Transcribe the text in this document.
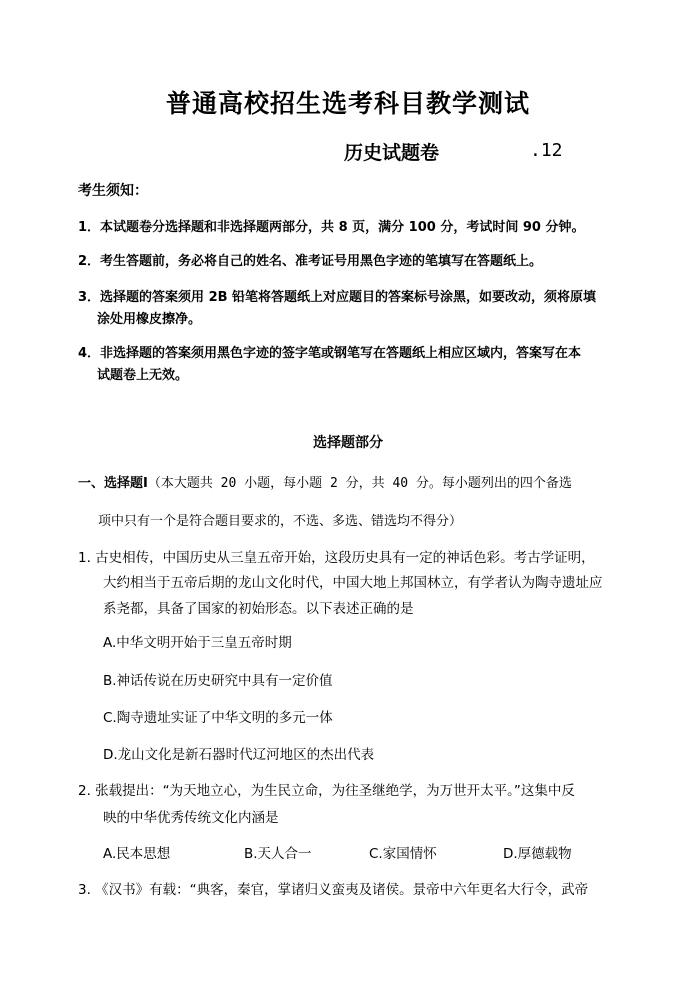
普通高校招生选考科目教学测试
历史试题卷	.12
考生须知：
1．本试题卷分选择题和非选择题两部分，共 8 页，满分 100 分，考试时间 90 分钟。
2．考生答题前，务必将自己的姓名、准考证号用黑色字迹的笔填写在答题纸上。
3．选择题的答案须用 2B 铅笔将答题纸上对应题目的答案标号涂黑，如要改动，须将原填
涂处用橡皮擦净。
4．非选择题的答案须用黑色字迹的签字笔或钢笔写在答题纸上相应区域内，答案写在本
试题卷上无效。
选择题部分
一、选择题Ⅰ（本大题共 20 小题，每小题 2 分，共 40 分。每小题列出的四个备选
项中只有一个是符合题目要求的，不选、多选、错选均不得分）
1. 古史相传，中国历史从三皇五帝开始，这段历史具有一定的神话色彩。考古学证明，
大约相当于五帝后期的龙山文化时代，中国大地上邦国林立，有学者认为陶寺遗址应
系尧都，具备了国家的初始形态。以下表述正确的是
A.中华文明开始于三皇五帝时期
B.神话传说在历史研究中具有一定价值
C.陶寺遗址实证了中华文明的多元一体
D.龙山文化是新石器时代辽河地区的杰出代表
2. 张载提出：“为天地立心，为生民立命，为往圣继绝学，为万世开太平。”这集中反
映的中华优秀传统文化内涵是
A.民本思想	B.天人合一	C.家国情怀	D.厚德载物
3. 《汉书》有载：“典客，秦官，掌诸归义蛮夷及诸侯。景帝中六年更名大行令，武帝
